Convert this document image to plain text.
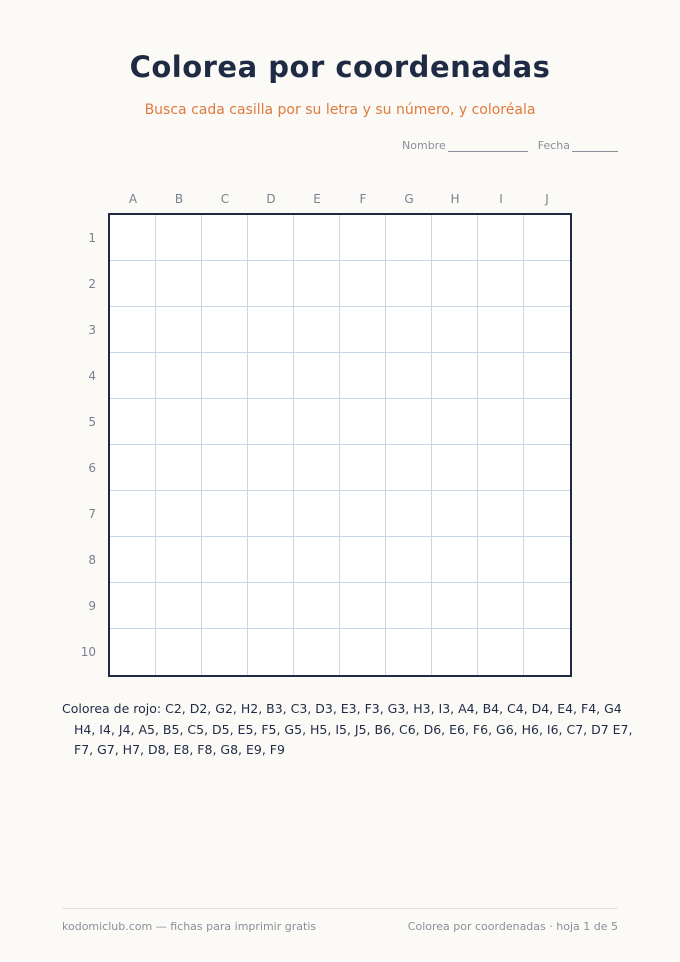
Colorea por coordenadas
Busca cada casilla por su letra y su número, y coloréala
Nombre	Fecha
A	B	C	D	E	F	G	H	I	J
1
2
3
4
5
6
7
8
9
10
Colorea de rojo: C2, D2, G2, H2, B3, C3, D3, E3, F3, G3, H3, I3, A4, B4, C4, D4, E4, F4, G4 H4, I4, J4, A5, B5, C5, D5, E5, F5, G5, H5, I5, J5, B6, C6, D6, E6, F6, G6, H6, I6, C7, D7 E7, F7, G7, H7, D8, E8, F8, G8, E9, F9
kodomiclub.com — fichas para imprimir gratis	Colorea por coordenadas · hoja 1 de 5
